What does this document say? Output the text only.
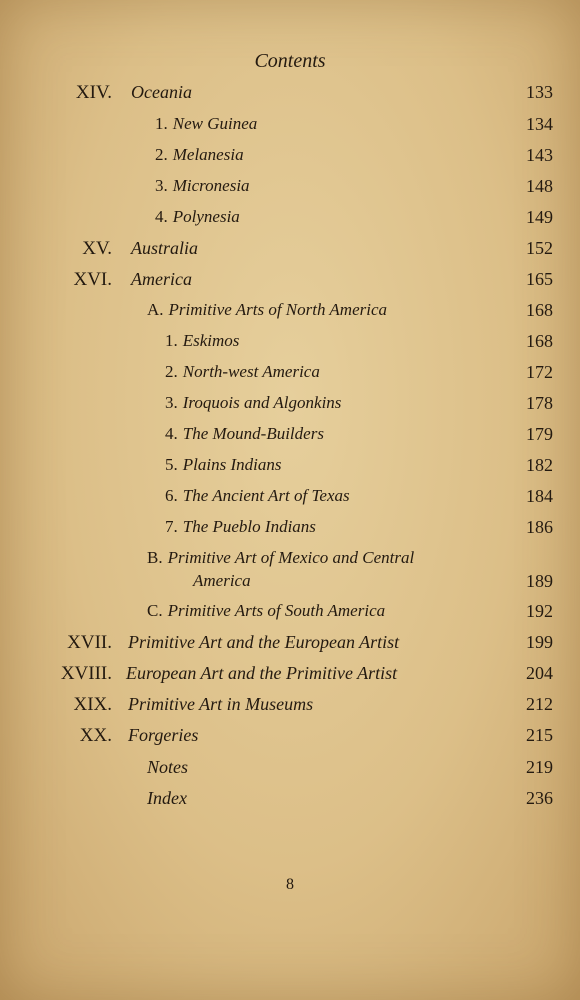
Contents
XIV. Oceania	133
1. New Guinea	134
2. Melanesia	143
3. Micronesia	148
4. Polynesia	149
XV. Australia	152
XVI. America	165
A. Primitive Arts of North America	168
1. Eskimos	168
2. North-west America	172
3. Iroquois and Algonkins	178
4. The Mound-Builders	179
5. Plains Indians	182
6. The Ancient Art of Texas	184
7. The Pueblo Indians	186
B. Primitive Art of Mexico and Central
America	189
C. Primitive Arts of South America	192
XVII. Primitive Art and the European Artist	199
XVIII. European Art and the Primitive Artist	204
XIX. Primitive Art in Museums	212
XX. Forgeries	215
Notes	219
Index	236
8
